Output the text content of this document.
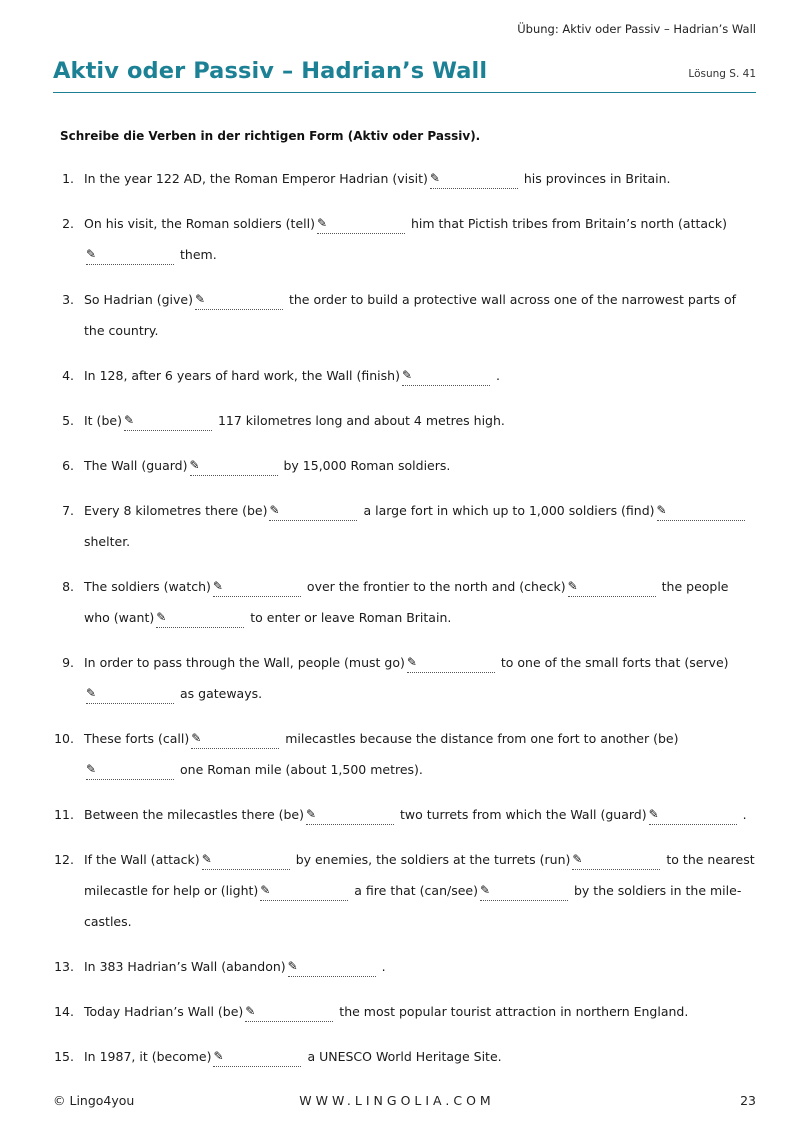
Übung: Aktiv oder Passiv – Hadrian’s Wall
Aktiv oder Passiv – Hadrian’s Wall	Lösung S. 41
Schreibe die Verben in der richtigen Form (Aktiv oder Passiv).
1. In the year 122 AD, the Roman Emperor Hadrian (visit) ✎	his provinces in Britain.
2. On his visit, the Roman soldiers (tell) ✎	him that Pictish tribes from Britain’s north (attack)
✎	them.
3. So Hadrian (give) ✎	the order to build a protective wall across one of the narrowest parts of the country.
4. In 128, after 6 years of hard work, the Wall (finish) ✎	.
5. It (be) ✎	117 kilometres long and about 4 metres high.
6. The Wall (guard) ✎	by 15,000 Roman soldiers.
7. Every 8 kilometres there (be) ✎	a large fort in which up to 1,000 soldiers (find) ✎
shelter.
8. The soldiers (watch) ✎	over the frontier to the north and (check) ✎	the people who (want) ✎	to enter or leave Roman Britain.
9. In order to pass through the Wall, people (must go) ✎	to one of the small forts that (serve)
✎	as gateways.
10. These forts (call) ✎	milecastles because the distance from one fort to another (be)
✎	one Roman mile (about 1,500 metres).
11. Between the milecastles there (be) ✎	two turrets from which the Wall (guard) ✎	.
12. If the Wall (attack) ✎	by enemies, the soldiers at the turrets (run) ✎	to the nearest milecastle for help or (light) ✎	a fire that (can/see) ✎	by the soldiers in the mile-castles.
13. In 383 Hadrian’s Wall (abandon) ✎	.
14. Today Hadrian’s Wall (be) ✎	the most popular tourist attraction in northern England.
15. In 1987, it (become) ✎	a UNESCO World Heritage Site.
© Lingo4you	WWW.LINGOLIA.COM	23
